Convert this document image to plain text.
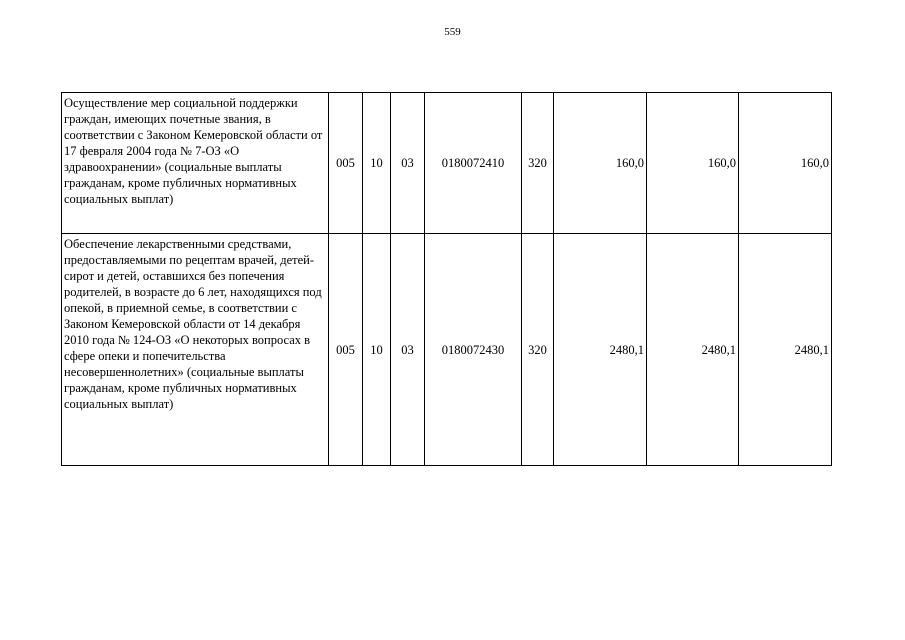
559
Осуществление мер социальной поддержки граждан, имеющих почетные звания, в соответствии с Законом Кемеровской области от 17 февраля 2004 года № 7-ОЗ «О здравоохранении» (социальные выплаты гражданам, кроме публичных нормативных социальных выплат)	005	10	03	0180072410	320	160,0	160,0	160,0
Обеспечение лекарственными средствами, предоставляемыми по рецептам врачей, детей-сирот и детей, оставшихся без попечения родителей, в возрасте до 6 лет, находящихся под опекой, в приемной семье, в соответствии с Законом Кемеровской области от 14 декабря 2010 года № 124-ОЗ «О некоторых вопросах в сфере опеки и попечительства несовершеннолетних» (социальные выплаты гражданам, кроме публичных нормативных социальных выплат)	005	10	03	0180072430	320	2480,1	2480,1	2480,1
